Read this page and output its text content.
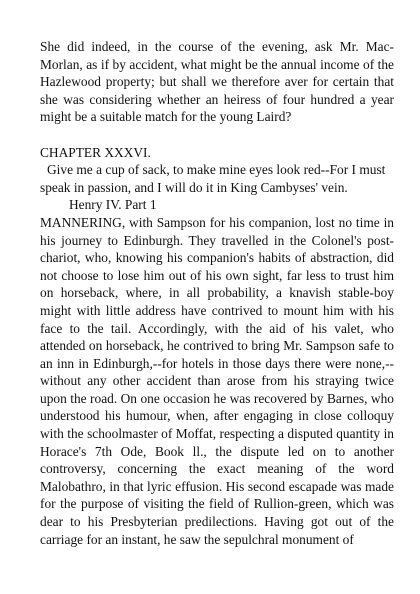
She did indeed, in the course of the evening, ask Mr. Mac-Morlan, as if by accident, what might be the annual income of the Hazlewood property; but shall we therefore aver for certain that she was considering whether an heiress of four hundred a year might be a suitable match for the young Laird?

CHAPTER XXXVI.

Give me a cup of sack, to make mine eyes look red--For I must speak in passion, and I will do it in King Cambyses' vein.Henry IV. Part 1

MANNERING, with Sampson for his companion, lost no time in his journey to Edinburgh. They travelled in the Colonel's post-chariot, who, knowing his companion's habits of abstraction, did not choose to lose him out of his own sight, far less to trust him on horseback, where, in all probability, a knavish stable-boy might with little address have contrived to mount him with his face to the tail. Accordingly, with the aid of his valet, who attended on horseback, he contrived to bring Mr. Sampson safe to an inn in Edinburgh,--for hotels in those days there were none,--without any other accident than arose from his straying twice upon the road. On one occasion he was recovered by Barnes, who understood his humour, when, after engaging in close colloquy with the schoolmaster of Moffat, respecting a disputed quantity in Horace's 7th Ode, Book ll., the dispute led on to another controversy, concerning the exact meaning of the word Malobathro, in that lyric effusion. His second escapade was made for the purpose of visiting the field of Rullion-green, which was dear to his Presbyterian predilections. Having got out of the carriage for an instant, he saw the sepulchral monument of
